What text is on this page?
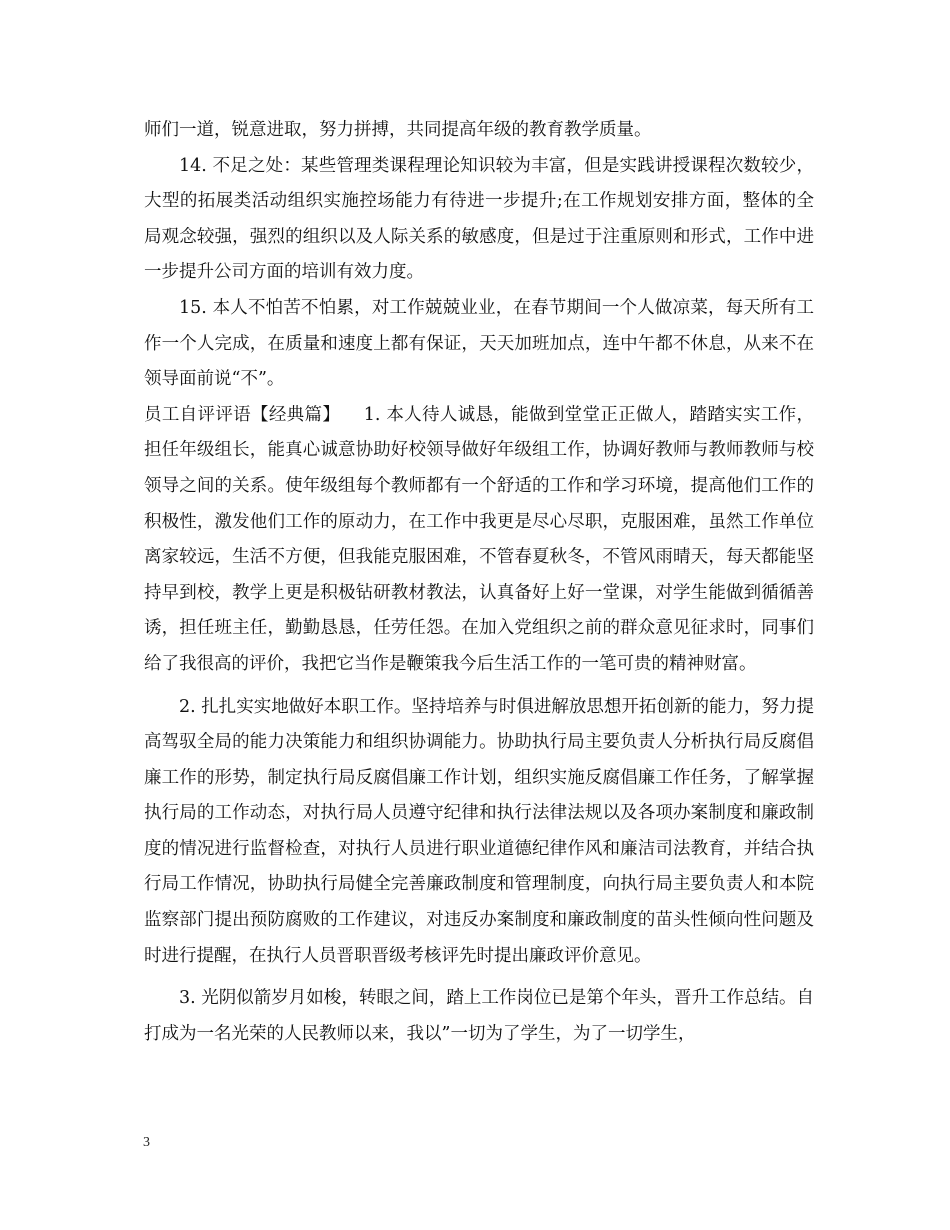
师们一道，锐意进取，努力拼搏，共同提高年级的教育教学质量。

14. 不足之处：某些管理类课程理论知识较为丰富，但是实践讲授课程次数较少，大型的拓展类活动组织实施控场能力有待进一步提升;在工作规划安排方面，整体的全局观念较强，强烈的组织以及人际关系的敏感度，但是过于注重原则和形式，工作中进一步提升公司方面的培训有效力度。

15. 本人不怕苦不怕累，对工作兢兢业业，在春节期间一个人做凉菜，每天所有工作一个人完成，在质量和速度上都有保证，天天加班加点，连中午都不休息，从来不在领导面前说“不”。

员工自评评语【经典篇】    1. 本人待人诚恳，能做到堂堂正正做人，踏踏实实工作，担任年级组长，能真心诚意协助好校领导做好年级组工作，协调好教师与教师教师与校领导之间的关系。使年级组每个教师都有一个舒适的工作和学习环境，提高他们工作的积极性，激发他们工作的原动力，在工作中我更是尽心尽职，克服困难，虽然工作单位离家较远，生活不方便，但我能克服困难，不管春夏秋冬，不管风雨晴天，每天都能坚持早到校，教学上更是积极钻研教材教法，认真备好上好一堂课，对学生能做到循循善诱，担任班主任，勤勤恳恳，任劳任怨。在加入党组织之前的群众意见征求时，同事们给了我很高的评价，我把它当作是鞭策我今后生活工作的一笔可贵的精神财富。

2. 扎扎实实地做好本职工作。坚持培养与时俱进解放思想开拓创新的能力，努力提高驾驭全局的能力决策能力和组织协调能力。协助执行局主要负责人分析执行局反腐倡廉工作的形势，制定执行局反腐倡廉工作计划，组织实施反腐倡廉工作任务，了解掌握执行局的工作动态，对执行局人员遵守纪律和执行法律法规以及各项办案制度和廉政制度的情况进行监督检查，对执行人员进行职业道德纪律作风和廉洁司法教育，并结合执行局工作情况，协助执行局健全完善廉政制度和管理制度，向执行局主要负责人和本院监察部门提出预防腐败的工作建议，对违反办案制度和廉政制度的苗头性倾向性问题及时进行提醒，在执行人员晋职晋级考核评先时提出廉政评价意见。

3. 光阴似箭岁月如梭，转眼之间，踏上工作岗位已是第个年头，晋升工作总结。自打成为一名光荣的人民教师以来，我以”一切为了学生，为了一切学生，

3
